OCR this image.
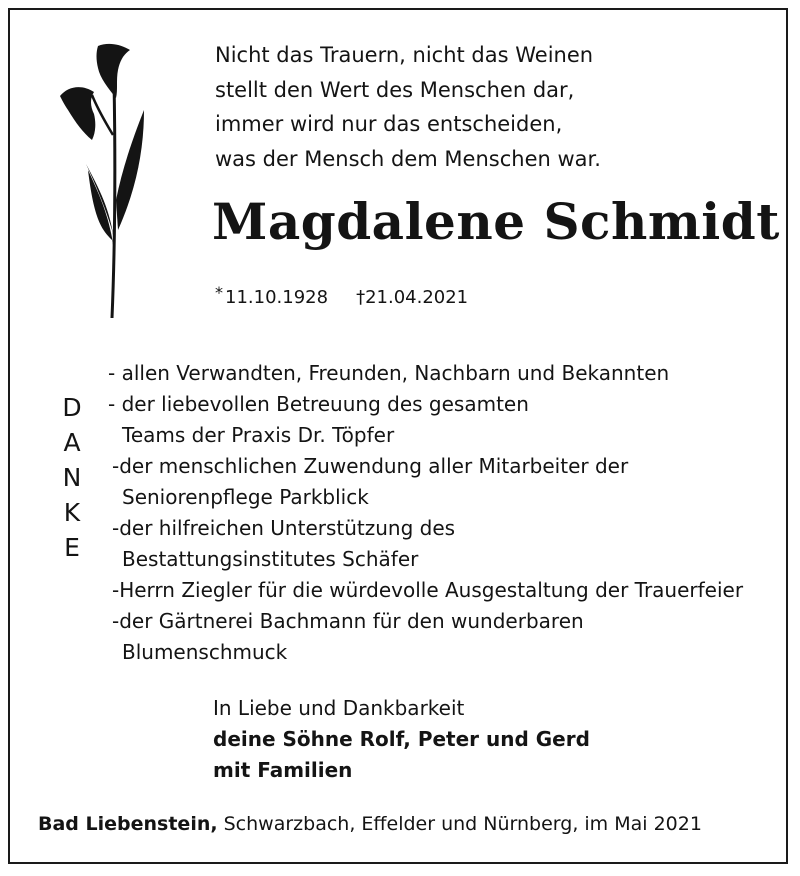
Nicht das Trauern, nicht das Weinen
stellt den Wert des Menschen dar,
immer wird nur das entscheiden,
was der Mensch dem Menschen war.
Magdalene Schmidt
* 11.10.1928 †21.04.2021
D
A
N
K
E
- allen Verwandten, Freunden, Nachbarn und Bekannten
- der liebevollen Betreuung des gesamten
Teams der Praxis Dr. Töpfer
-der menschlichen Zuwendung aller Mitarbeiter der
Seniorenpflege Parkblick
-der hilfreichen Unterstützung des
Bestattungsinstitutes Schäfer
-Herrn Ziegler für die würdevolle Ausgestaltung der Trauerfeier
-der Gärtnerei Bachmann für den wunderbaren
Blumenschmuck
In Liebe und Dankbarkeit
deine Söhne Rolf, Peter und Gerd
mit Familien
Bad Liebenstein, Schwarzbach, Effelder und Nürnberg, im Mai 2021
